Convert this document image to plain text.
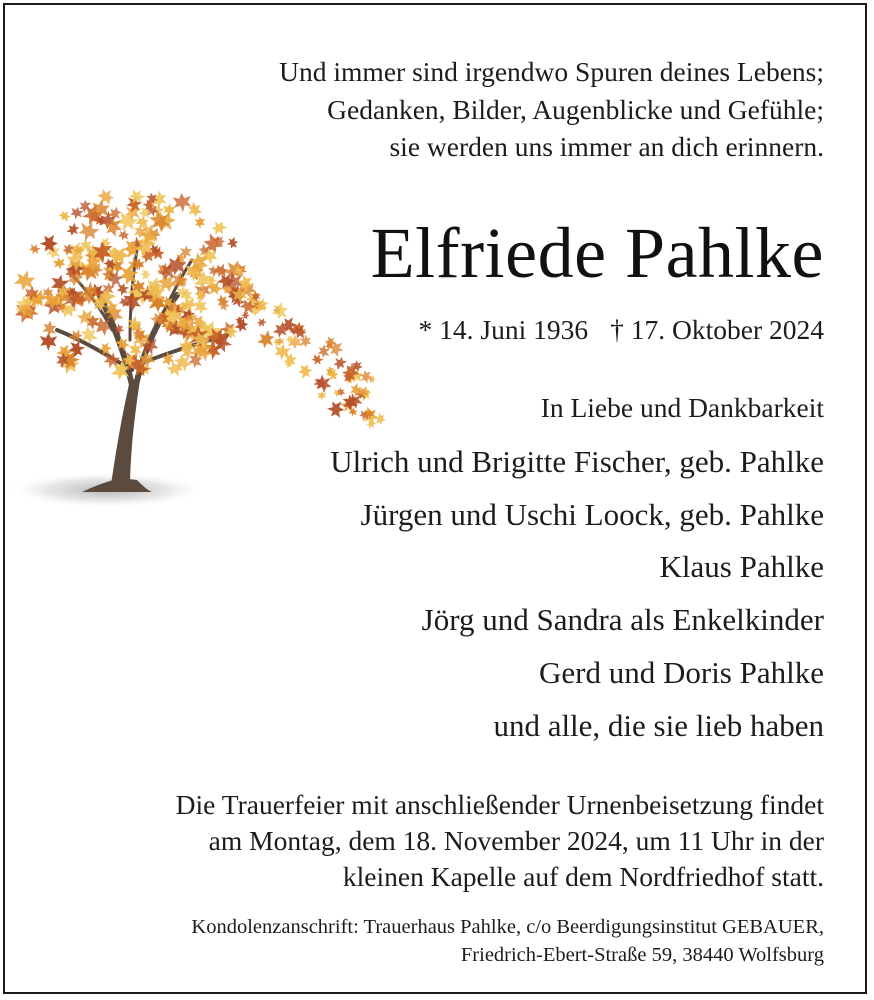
Und immer sind irgendwo Spuren deines Lebens;
Gedanken, Bilder, Augenblicke und Gefühle;
sie werden uns immer an dich erinnern.
Elfriede Pahlke
* 14. Juni 1936 † 17. Oktober 2024
In Liebe und Dankbarkeit
Ulrich und Brigitte Fischer, geb. Pahlke
Jürgen und Uschi Loock, geb. Pahlke
Klaus Pahlke
Jörg und Sandra als Enkelkinder
Gerd und Doris Pahlke
und alle, die sie lieb haben
Die Trauerfeier mit anschließender Urnenbeisetzung findet
am Montag, dem 18. November 2024, um 11 Uhr in der
kleinen Kapelle auf dem Nordfriedhof statt.
Kondolenzanschrift: Trauerhaus Pahlke, c/o Beerdigungsinstitut GEBAUER,
Friedrich-Ebert-Straße 59, 38440 Wolfsburg
